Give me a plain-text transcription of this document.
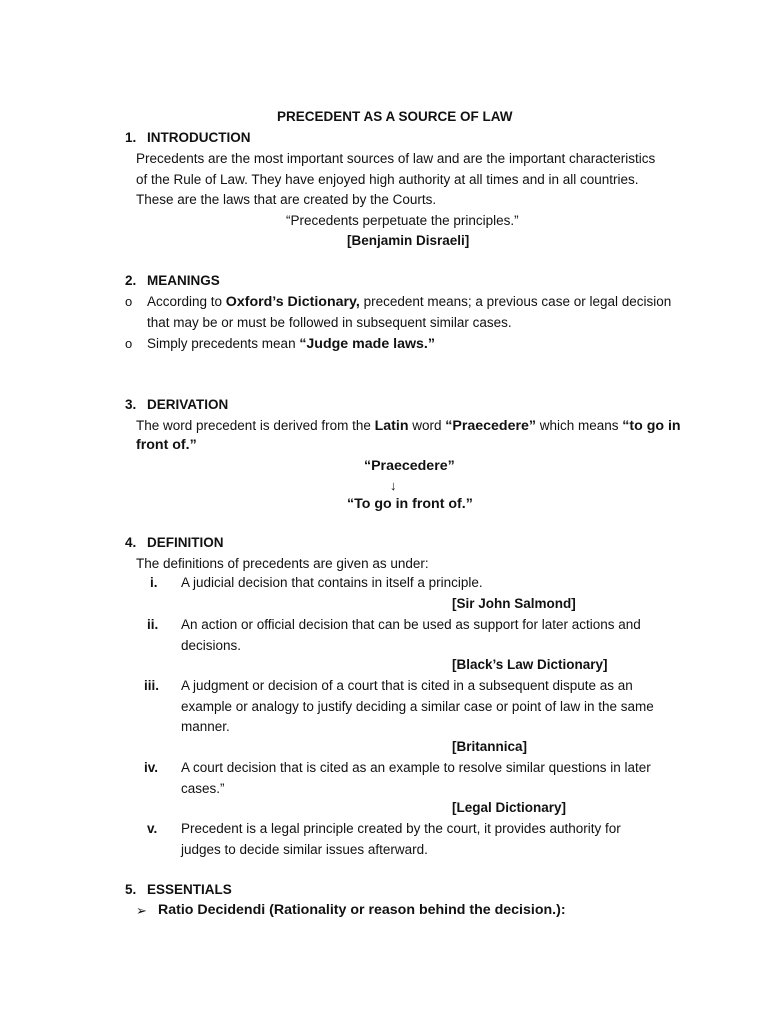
PRECEDENT AS A SOURCE OF LAW
1. INTRODUCTION
Precedents are the most important sources of law and are the important characteristics
of the Rule of Law. They have enjoyed high authority at all times and in all countries.
These are the laws that are created by the Courts.
“Precedents perpetuate the principles.”
[Benjamin Disraeli]
2. MEANINGS
o According to Oxford’s Dictionary, precedent means; a previous case or legal decision
that may be or must be followed in subsequent similar cases.
o Simply precedents mean “Judge made laws.”
3. DERIVATION
The word precedent is derived from the Latin word “Praecedere” which means “to go in
front of.”
“Praecedere”
↓
“To go in front of.”
4. DEFINITION
The definitions of precedents are given as under:
i. A judicial decision that contains in itself a principle.
[Sir John Salmond]
ii. An action or official decision that can be used as support for later actions and
decisions.
[Black’s Law Dictionary]
iii. A judgment or decision of a court that is cited in a subsequent dispute as an
example or analogy to justify deciding a similar case or point of law in the same
manner.
[Britannica]
iv. A court decision that is cited as an example to resolve similar questions in later
cases.”
[Legal Dictionary]
v. Precedent is a legal principle created by the court, it provides authority for
judges to decide similar issues afterward.
5. ESSENTIALS
➢ Ratio Decidendi (Rationality or reason behind the decision.):
